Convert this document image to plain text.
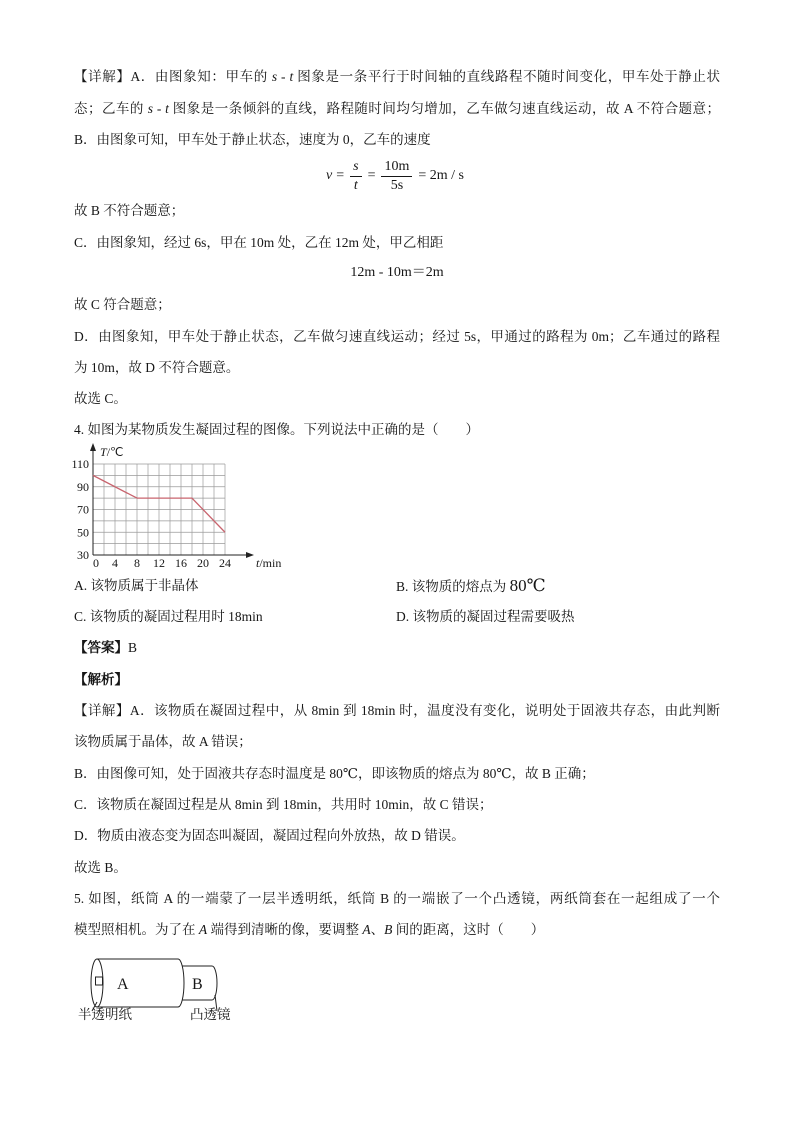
【详解】A．由图象知：甲车的 s - t 图象是一条平行于时间轴的直线路程不随时间变化，甲车处于静止状
态；乙车的 s - t 图象是一条倾斜的直线，路程随时间均匀增加，乙车做匀速直线运动，故 A 不符合题意；
B．由图象可知，甲车处于静止状态，速度为 0，乙车的速度
$v = \frac{s}{t} = \frac{10m}{5s} = 2m / s$
故 B 不符合题意；
C．由图象知，经过 6s，甲在 10m 处，乙在 12m 处，甲乙相距
12m - 10m＝2m
故 C 符合题意；
D．由图象知，甲车处于静止状态，乙车做匀速直线运动；经过 5s，甲通过的路程为 0m；乙车通过的路程
为 10m，故 D 不符合题意。
故选 C。
4. 如图为某物质发生凝固过程的图像。下列说法中正确的是（　　）
T/℃
t/min
30
50
70
90
110
0 4 8 12 16 20 24
A. 该物质属于非晶体	B. 该物质的熔点为 80℃
C. 该物质的凝固过程用时 18min	D. 该物质的凝固过程需要吸热
【答案】B
【解析】
【详解】A．该物质在凝固过程中，从 8min 到 18min 时，温度没有变化，说明处于固液共存态，由此判断
该物质属于晶体，故 A 错误；
B．由图像可知，处于固液共存态时温度是 80℃，即该物质的熔点为 80℃，故 B 正确；
C．该物质在凝固过程是从 8min 到 18min，共用时 10min，故 C 错误；
D．物质由液态变为固态叫凝固，凝固过程向外放热，故 D 错误。
故选 B。
5. 如图，纸筒 A 的一端蒙了一层半透明纸，纸筒 B 的一端嵌了一个凸透镜，两纸筒套在一起组成了一个
模型照相机。为了在 A 端得到清晰的像，要调整 A、B 间的距离，这时（　　）
A	B
半透明纸	凸透镜
